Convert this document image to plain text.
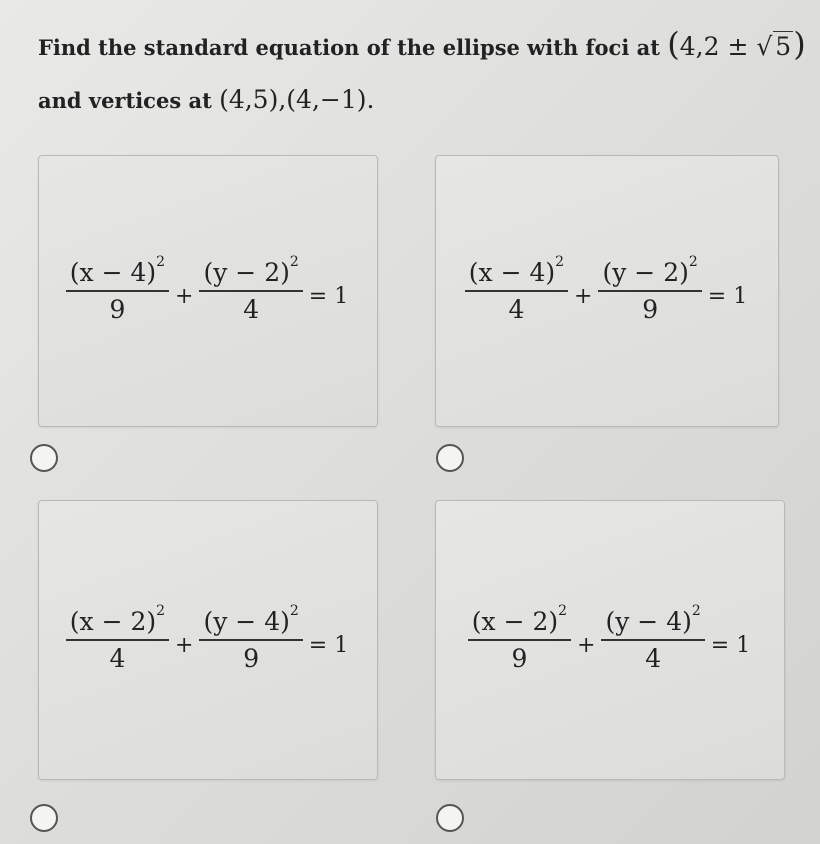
Find the standard equation of the ellipse with foci at (4,2 ± √ 5)
and vertices at (4,5),(4,−1).
$\frac{(x - 4)^2}{9} + \frac{(y - 2)^2}{4} = 1$	$\frac{(x - 4)^2}{4} + \frac{(y - 2)^2}{9} = 1$
$\frac{(x - 2)^2}{4} + \frac{(y - 4)^2}{9} = 1$	$\frac{(x - 2)^2}{9} + \frac{(y - 4)^2}{4} = 1$
